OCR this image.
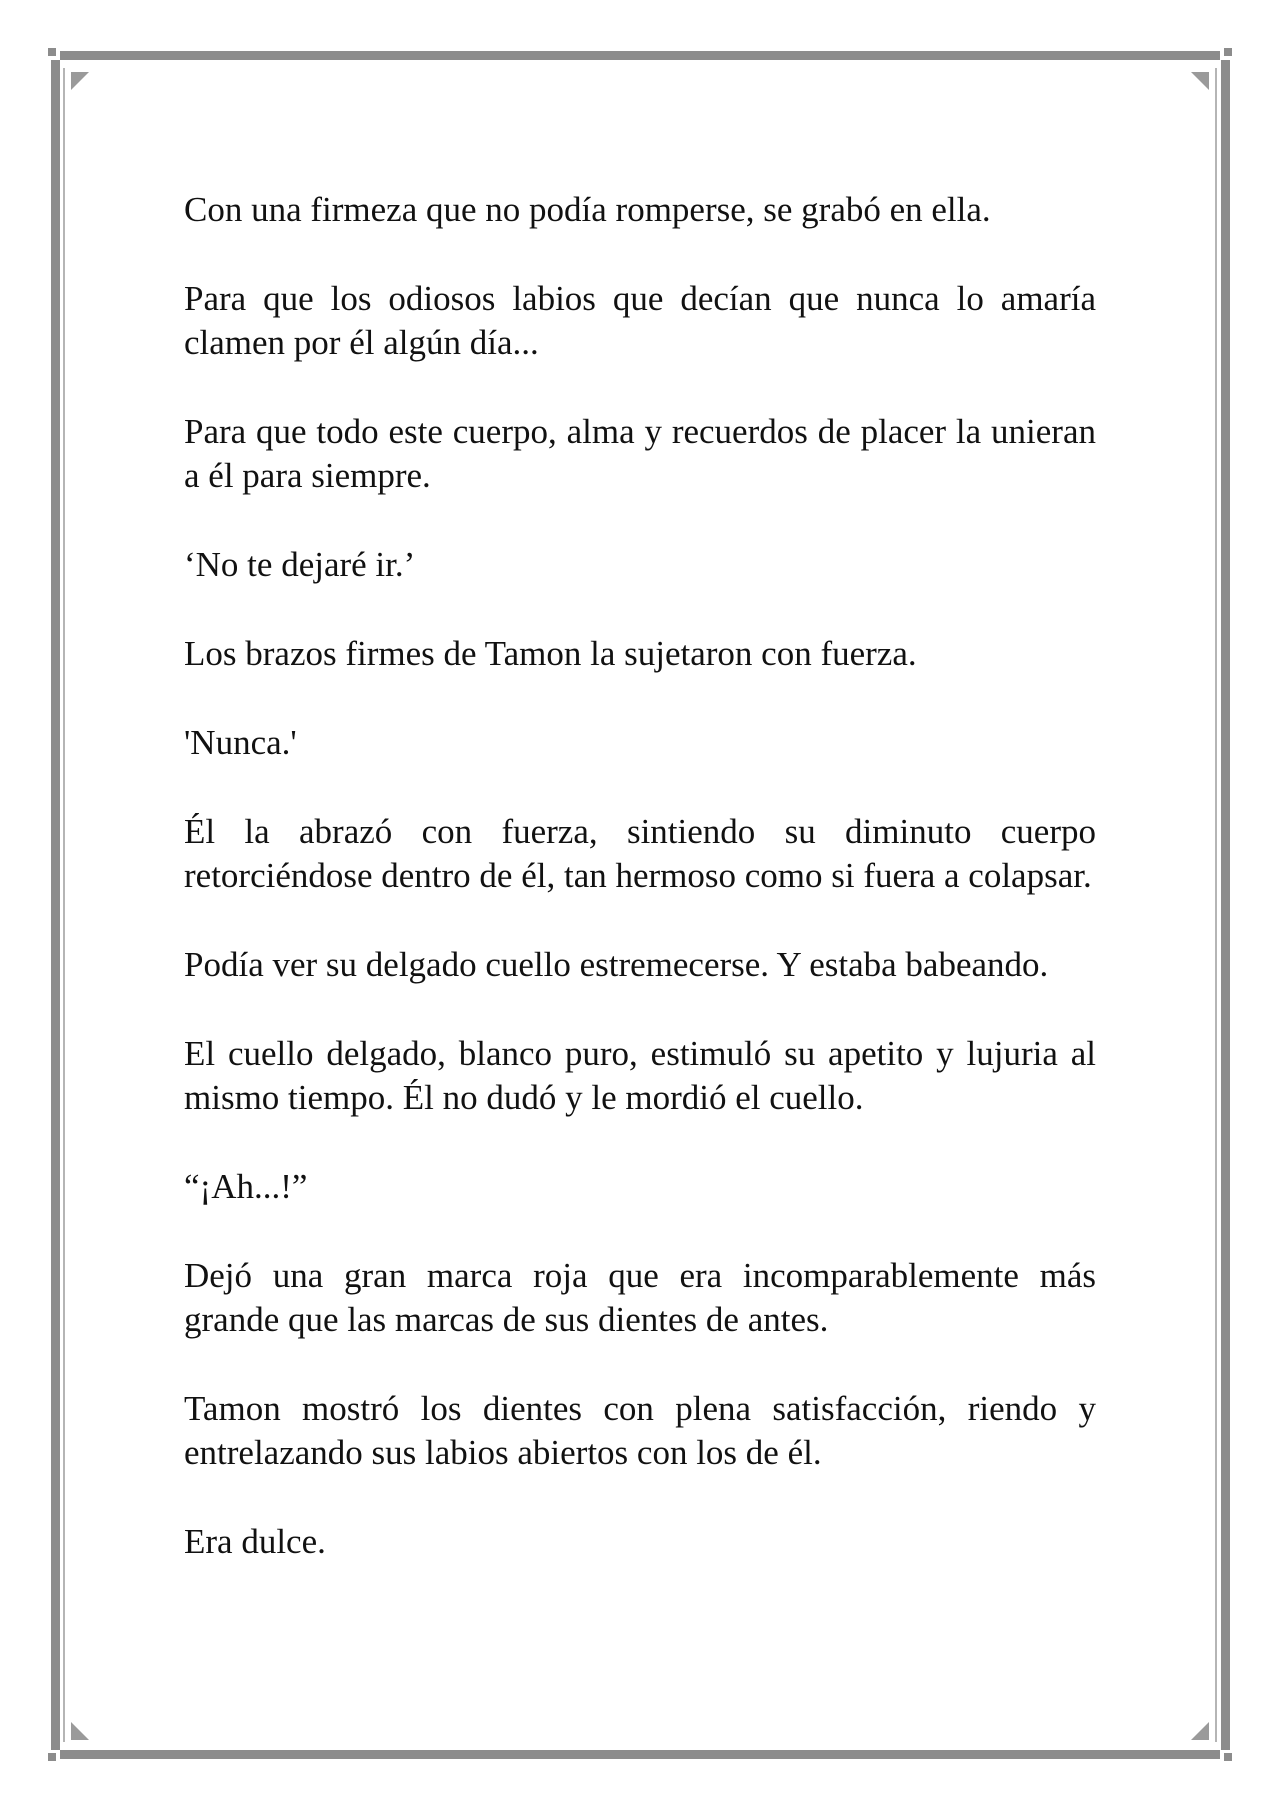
Con una firmeza que no podía romperse, se grabó en ella.

Para que los odiosos labios que decían que nunca lo amaría clamen por él algún día...

Para que todo este cuerpo, alma y recuerdos de placer la unieran a él para siempre.

‘No te dejaré ir.’

Los brazos firmes de Tamon la sujetaron con fuerza.

'Nunca.'

Él la abrazó con fuerza, sintiendo su diminuto cuerpo retorciéndose dentro de él, tan hermoso como si fuera a colapsar.

Podía ver su delgado cuello estremecerse. Y estaba babeando.

El cuello delgado, blanco puro, estimuló su apetito y lujuria al mismo tiempo. Él no dudó y le mordió el cuello.

“¡Ah...!”

Dejó una gran marca roja que era incomparablemente más grande que las marcas de sus dientes de antes.

Tamon mostró los dientes con plena satisfacción, riendo y entrelazando sus labios abiertos con los de él.

Era dulce.
